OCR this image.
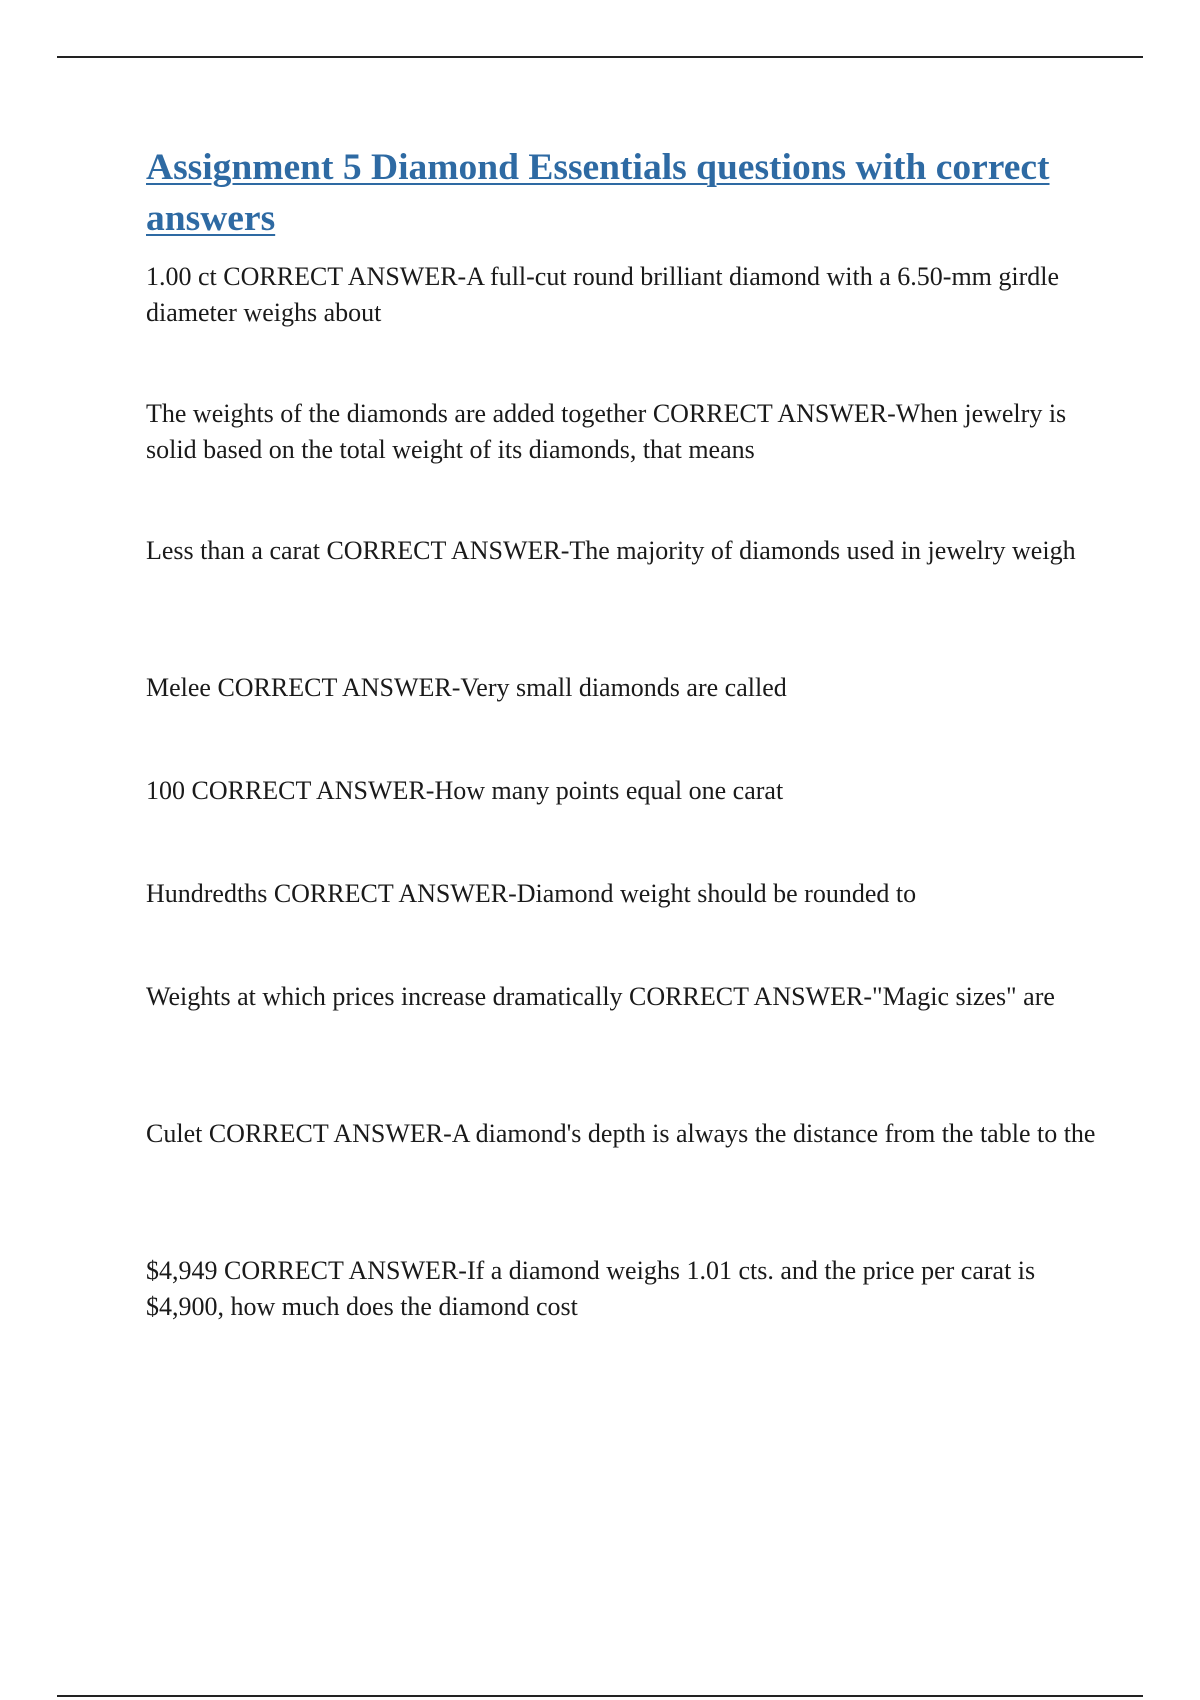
Assignment 5 Diamond Essentials questions with correct answers

1.00 ct CORRECT ANSWER-A full-cut round brilliant diamond with a 6.50-mm girdle diameter weighs about

The weights of the diamonds are added together CORRECT ANSWER-When jewelry is solid based on the total weight of its diamonds, that means

Less than a carat CORRECT ANSWER-The majority of diamonds used in jewelry weigh

Melee CORRECT ANSWER-Very small diamonds are called

100 CORRECT ANSWER-How many points equal one carat

Hundredths CORRECT ANSWER-Diamond weight should be rounded to

Weights at which prices increase dramatically CORRECT ANSWER-"Magic sizes" are

Culet CORRECT ANSWER-A diamond's depth is always the distance from the table to the

$4,949 CORRECT ANSWER-If a diamond weighs 1.01 cts. and the price per carat is $4,900, how much does the diamond cost
